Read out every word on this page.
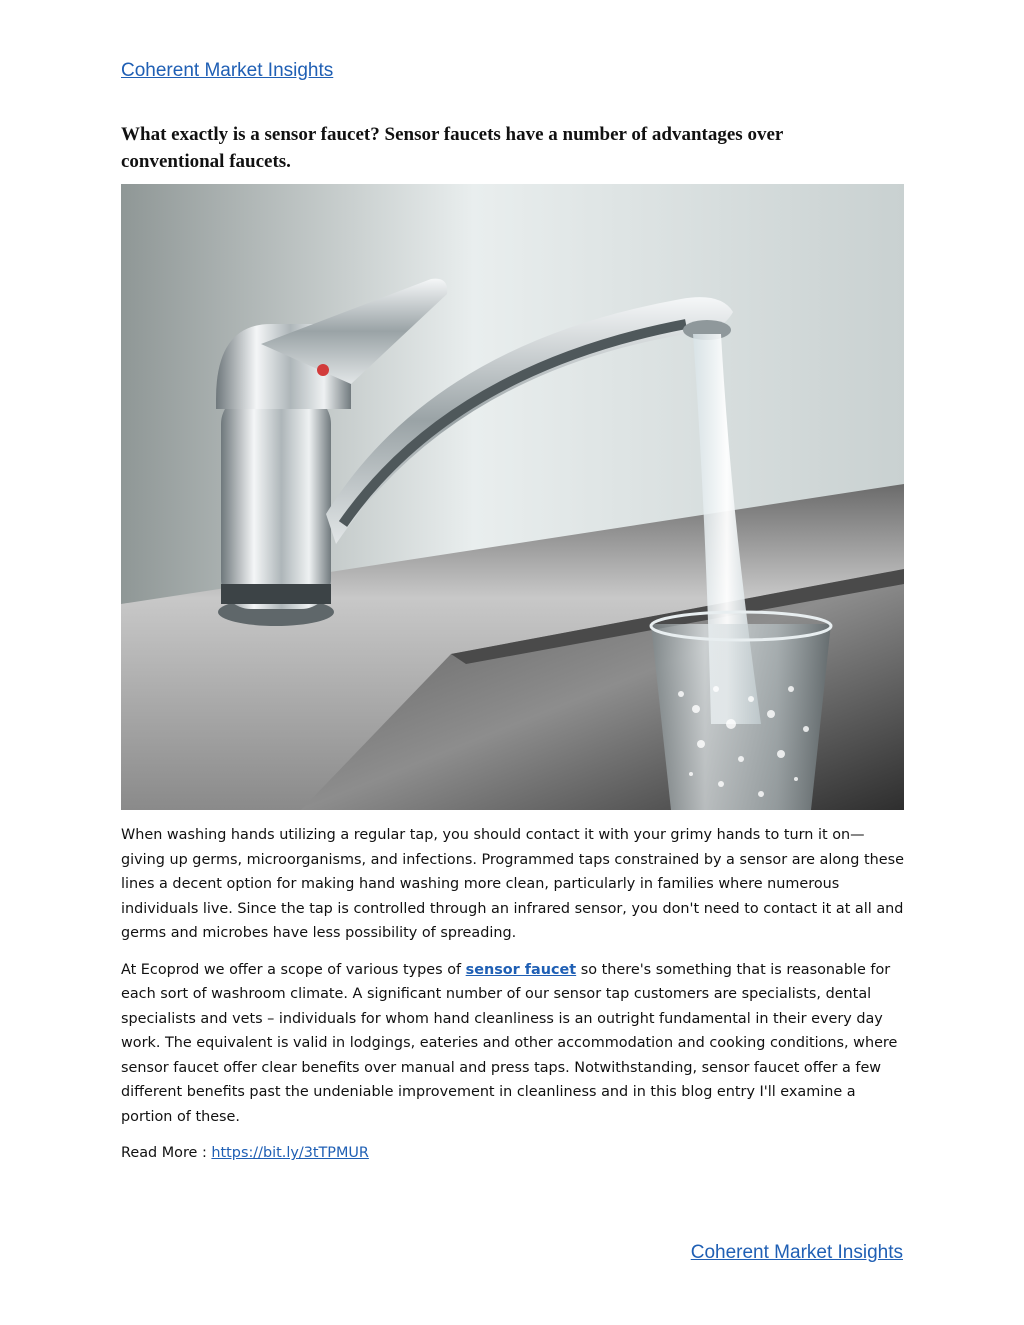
Coherent Market Insights
What exactly is a sensor faucet? Sensor faucets have a number of advantages over conventional faucets.

When washing hands utilizing a regular tap, you should contact it with your grimy hands to turn it on—giving up germs, microorganisms, and infections. Programmed taps constrained by a sensor are along these lines a decent option for making hand washing more clean, particularly in families where numerous individuals live. Since the tap is controlled through an infrared sensor, you don't need to contact it at all and germs and microbes have less possibility of spreading.

At Ecoprod we offer a scope of various types of sensor faucet so there's something that is reasonable for each sort of washroom climate. A significant number of our sensor tap customers are specialists, dental specialists and vets – individuals for whom hand cleanliness is an outright fundamental in their every day work. The equivalent is valid in lodgings, eateries and other accommodation and cooking conditions, where sensor faucet offer clear benefits over manual and press taps. Notwithstanding, sensor faucet offer a few different benefits past the undeniable improvement in cleanliness and in this blog entry I'll examine a portion of these.

Read More : https://bit.ly/3tTPMUR

Coherent Market Insights
